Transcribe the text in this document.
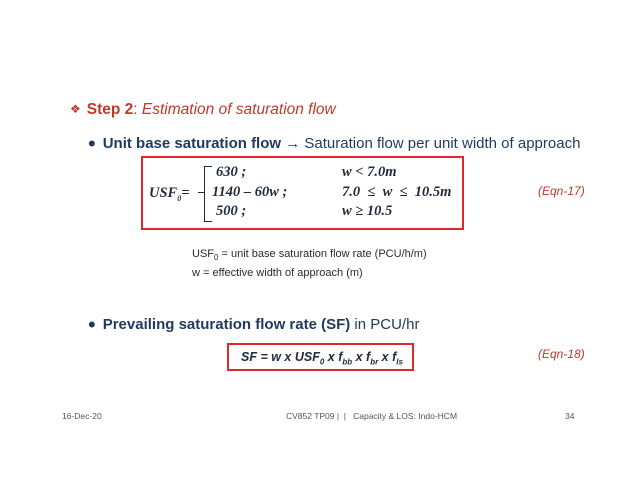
❖ Step 2: Estimation of saturation flow
• Unit base saturation flow → Saturation flow per unit width of approach
$USF_0=$
630 ;
1140 – 60w ;
500 ;
w < 7.0m
7.0  ≤  w  ≤  10.5m
w ≥ 10.5
(Eqn-17)
$USF_0$ = unit base saturation flow rate (PCU/h/m)
w = effective width of approach (m)
• Prevailing saturation flow rate (SF) in PCU/hr
(Eqn-18)
SF = w x $USF_0$ x $f_{bb}$ x $f_{br}$ x $f_{ls}$
16-Dec-20	CV852 TP09 |  |   Capacity & LOS: Indo-HCM	34
